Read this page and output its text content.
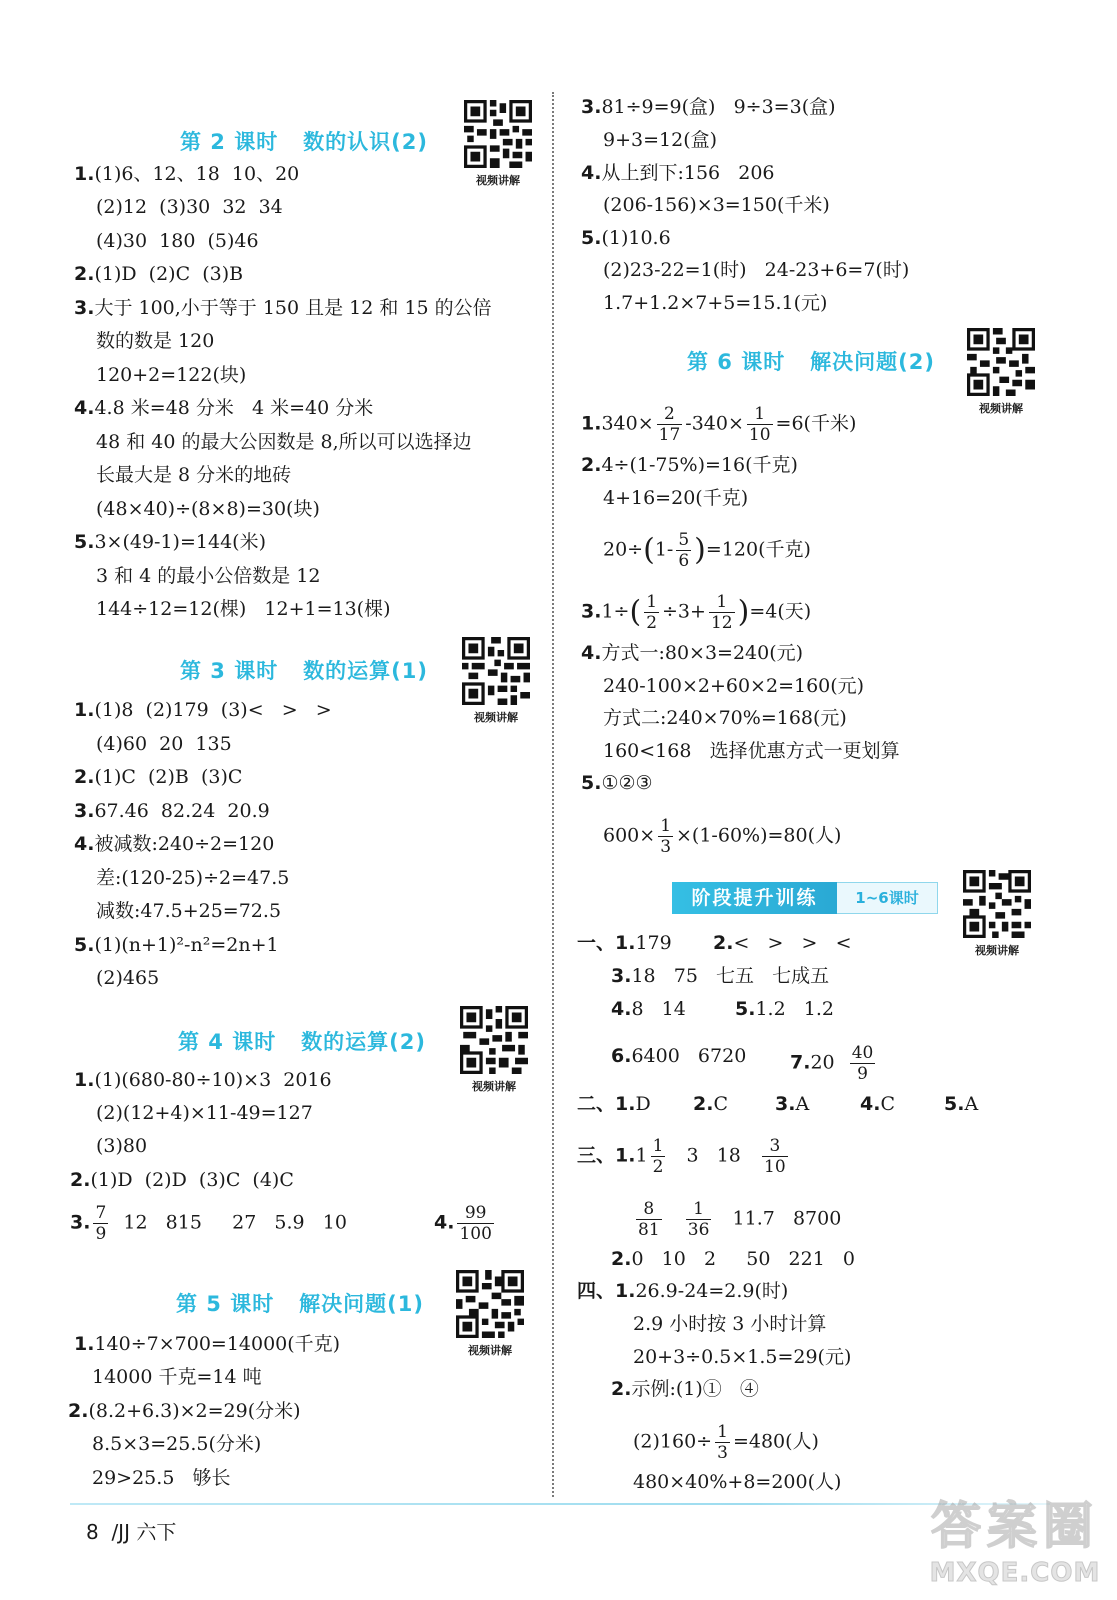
第 2 课时   数的认识(2)
视频讲解
1.(1)6、12、18  10、20
(2)12  (3)30  32  34
(4)30  180  (5)46
2.(1)D  (2)C  (3)B
3.大于 100,小于等于 150 且是 12 和 15 的公倍
数的数是 120
120+2=122(块)
4.4.8 米=48 分米   4 米=40 分米
48 和 40 的最大公因数是 8,所以可以选择边
长最大是 8 分米的地砖
(48×40)÷(8×8)=30(块)
5.3×(49-1)=144(米)
3 和 4 的最小公倍数是 12
144÷12=12(棵)   12+1=13(棵)
第 3 课时   数的运算(1)
视频讲解
1.(1)8  (2)179  (3)<   >   >
(4)60  20  135
2.(1)C  (2)B  (3)C
3.67.46  82.24  20.9
4.被减数:240÷2=120
差:(120-25)÷2=47.5
减数:47.5+25=72.5
5.(1)(n+1)²-n²=2n+1
(2)465
第 4 课时   数的运算(2)
视频讲解
1.(1)(680-80÷10)×3  2016
(2)(12+4)×11-49=127
(3)80
2.(1)D  (2)D  (3)C  (4)C
3. $\frac{7}{9} 12$   815     27   5.9   10	4. $\frac{99}{100}$
第 5 课时   解决问题(1)
视频讲解
1.140÷7×700=14000(千克)
14000 千克=14 吨
2.(8.2+6.3)×2=29(分米)
8.5×3=25.5(分米)
29>25.5   够长
3.81÷9=9(盒)   9÷3=3(盒)
9+3=12(盒)
4.从上到下:156   206
(206-156)×3=150(千米)
5.(1)10.6
(2)23-22=1(时)   24-23+6=7(时)
1.7+1.2×7+5=15.1(元)
第 6 课时   解决问题(2)
视频讲解
$1.340\times \frac{2}{17} -340\times \frac{1}{10} =6$(千米)
2.4÷(1-75%)=16(千克)
4+16=20(千克)
$20\div(1- \frac{5}{6} )=120$(千克)
$3.1\div( \frac{1}{2} \div 3+ \frac{1}{12} )=4$(天)
4.方式一:80×3=240(元)
240-100×2+60×2=160(元)
方式二:240×70%=168(元)
160<168   选择优惠方式一更划算
5.①②③
$600\times \frac{1}{3} \times(1-60\%)=80$(人)
阶段提升训练	1~6课时
视频讲解
一、1.179 2.<   >   >   <
3.18   75   七五   七成五
4.8   14	5.1.2   1.2
6.6400   6720 $7.20 \frac{40}{9}$
二、1.D 2.C 3.A	4.C	5.A
三、$1.1 \frac{1}{2} 3$   $18 \frac{3}{10}$
$\frac{8}{81}$
$\frac{1}{36} 11.7$   8700
2.0   10   2     50   221   0
四、1.26.9-24=2.9(时)
2.9 小时按 3 小时计算
20+3÷0.5×1.5=29(元)
2.示例:(1)①   ④
$(2)160\div \frac{1}{3} =480$(人)
480×40%+8=200(人)
8  /JJ 六下	答案圈
MXQE.COM
